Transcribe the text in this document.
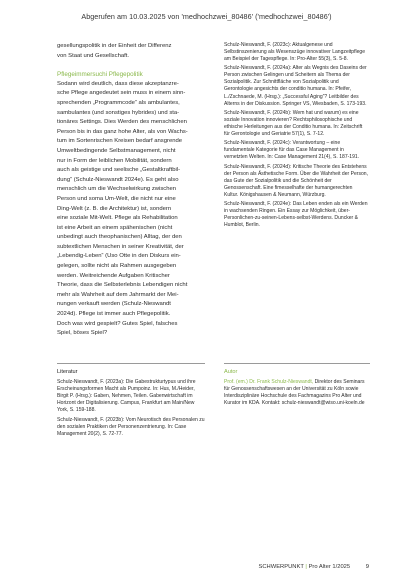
Abgerufen am 10.03.2025 von 'medhochzwei_80486' ('medhochzwei_80486')

gesellungspolitik in der Einheit der Differenz

von Staat und Gesellschaft.

Pflegeimmersuchi Pflegepolitik

Sodann wird deutlich, dass diese akzeptanzre-

sche Pflege angedeutet sein muss in einem sinn-

sprechenden „Programmcode“ als ambulantes,

sambulantes (und sonstiges hybrides) und sta-

tionäres Settings. Dies Werden des menschlichen

Person bis in das ganz hohe Alter, als von Wachs-

tum im Sortenrischen Kreisen bedarf ansgrende

Umweltbedingende Selbstmanagement, nicht

nur in Form der leiblichen Mobilität, sondern

auch als geistige und seelische „Gestaltkraftbil-

dung“ (Schulz-Nieswandt 2024e). Es geht also

menschlich um die Wechselwirkung zwischen

Person und soma Um-Welt, die nicht nur eine

Ding-Welt (z. B. die Architektur) ist, sondern

eine soziale Mit-Welt. Pflege als Rehabilitation

ist eine Arbeit an einem spähenischen (nicht

unbedingt auch theophanischen) Alltag, der den

subtextlichen Menschen in seiner Kreativität, der

„Lebendig-Leben“ (Uso Otte in den Diskurs ein-

gelegen, sollte nicht als Rahmen ausgegeben

werden. Weitreichende Aufgaben Kritischer

Theorie, dass die Selbsterlebnis Lebendigen nicht

mehr als Wahrheit auf dem Jahrmarkt der Mei-

nungen verkauft werden (Schulz-Nieswandt

2024d). Pflege ist immer auch Pflegepolitik.

Doch was wird gespielt? Gutes Spiel, falsches

Spiel, böses Spiel?

Schulz-Nieswandt, F. (2023c): Aktualgenese und Selbstinszenierung als Wesenszüge innovativer Langzeitpflege am Beispiel der Tagespflege. In: Pro-Alter 55(3), S. 5-8.

Schulz-Nieswandt, F. (2024a): Alter als Wegnis des Daseins der Person zwischen Gelingen und Scheitern als Thema der Sozialpolitik. Zur Schnittfläche von Sozialpolitik und Gerontologie angesichts der conditio humana. In: Pfeifer, L./Zschnaede, M. (Hrsg.): „Successful Aging“? Leitbilder des Alterns in der Diskussion. Springer VS, Wiesbaden, S. 173-193.

Schulz-Nieswandt, F. (2024b): Wem hat und warum) es eine soziale Innovation innovieren? Rechtsphilosophische und ethische Herleitungen aus der Conditio humana. In: Zeitschrift für Gerontologie und Geriatrie 57(1), S. 7-12.

Schulz-Nieswandt, F. (2024c): Verantwortung – eine fundamentale Kategorie für das Case Management in vernetzten Welten. In: Case Management 21(4), S. 187-191.

Schulz-Nieswandt, F. (2024d): Kritische Theorie des Entstehens der Person als Ästhetische Form. Über die Wahrheit der Person, das Gute der Sozialpolitik und die Schönheit der Genossenschaft. Eine fimesselhafte der humangerechten Kultur. Königshausen & Neumann, Würzburg.

Schulz-Nieswandt, F. (2024e): Das Leben enden als ein Werden in wachsenden Ringen. Ein Essay zur Möglichkeit, über-Personlichen-zu-seinen-Lebens-selbst-Werdens. Duncker & Humblot, Berlin.

Literatur

Schulz-Nieswandt, F. (2023a): Die Gabestrukturtypus und ihre Erscheinungsformen Macht als Pumpoinz. In: Hus, M./Heider, Birgit P. (Hrsg.): Gaben, Nehmen, Teilen. Gabenwirtschaft im Horizont der Digitalisierung. Campus, Frankfurt am Main/New York, S. 159-188.

Schulz-Nieswandt, F. (2023b): Vom Neurotisch des Personalen zu den sozialen Praktiken der Personenzentrierung. In: Case Management 20(2), S. 72-77.

Autor

Prof. (em.) Dr. Frank Schulz-Nieswandt, Direktor des Seminars für Genossenschaftswesen an der Universität zu Köln sowie Interdisziplinäre Hochschule des Fachmagazins Pro Alter und Kurator im KDA. Kontakt: schulz-nieswandt@wiso.uni-koeln.de

SCHWERPUNKT | Pro Alter 1/2025	9
